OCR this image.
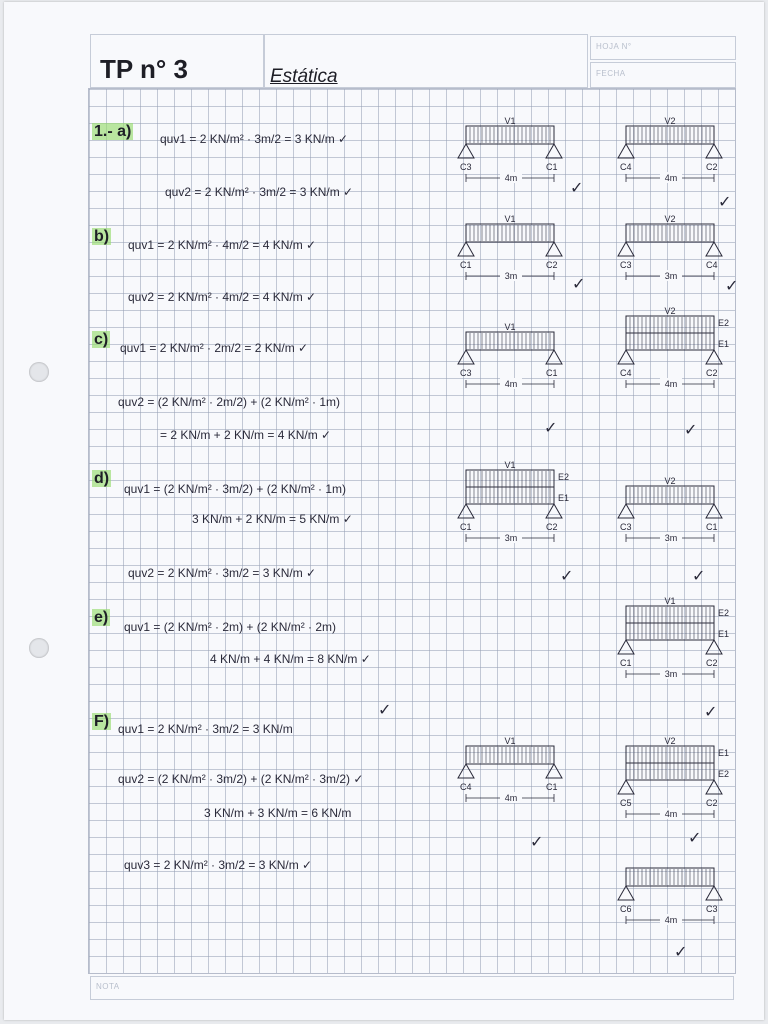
HOJA N°
FECHA
TP n° 3	Estática
1.- a) quv1 = 2 KN/m² · 3m/2 = 3 KN/m ✓
quv2 = 2 KN/m² · 3m/2 = 3 KN/m ✓
b) quv1 = 2 KN/m² · 4m/2 = 4 KN/m ✓
quv2 = 2 KN/m² · 4m/2 = 4 KN/m ✓
c) quv1 = 2 KN/m² · 2m/2 = 2 KN/m ✓
quv2 = (2 KN/m² · 2m/2) + (2 KN/m² · 1m)
= 2 KN/m + 2 KN/m = 4 KN/m ✓
d)
quv1 = (2 KN/m² · 3m/2) + (2 KN/m² · 1m)
3 KN/m + 2 KN/m = 5 KN/m ✓
quv2 = 2 KN/m² · 3m/2 = 3 KN/m ✓
e)
quv1 = (2 KN/m² · 2m) + (2 KN/m² · 2m)
4 KN/m + 4 KN/m = 8 KN/m ✓
✓
F) quv1 = 2 KN/m² · 3m/2 = 3 KN/m
quv2 = (2 KN/m² · 3m/2) + (2 KN/m² · 3m/2) ✓
3 KN/m + 3 KN/m = 6 KN/m
quv3 = 2 KN/m² · 3m/2 = 3 KN/m ✓
✓
✓
✓	✓
✓	✓
✓	✓
✓
✓	✓
✓
V1
C3	C1
4m
V2
C4	C2
4m
V1
C1	C2
3m
V2
C3	C4
3m
V1
C3	C1
4m
V2
E2
E1
C4	C2
4m
V1
E2
E1
C1	C2
3m
V2
C3	C1
3m
V1
E2
E1
C1	C2
3m
V1
C4	C1
4m
V2
E1
E2
C5	C2
4m
C6	C3
4m
NOTA
